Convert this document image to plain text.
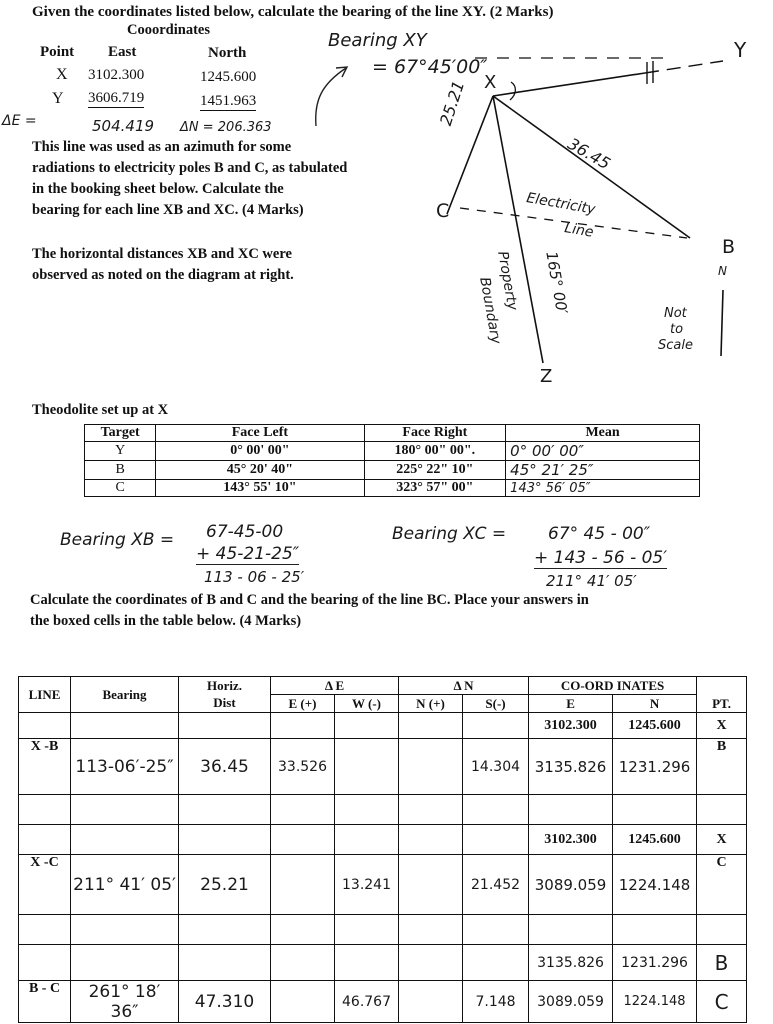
Given the coordinates listed below, calculate the bearing of the line XY. (2 Marks)
Cooordinates
Point East	North
X 3102.300	1245.600
Y 3606.719	1451.963
ΔE =	504.419 ΔN = 206.363
Bearing XY
= 67°45′00″
This line was used as an azimuth for some
radiations to electricity poles B and C, as tabulated
in the booking sheet below. Calculate the
bearing for each line XB and XC. (4 Marks)
The horizontal distances XB and XC were
observed as noted on the diagram at right.
Y
X
B
C
Z
25.21
36.45
Electricity
Line
Property
Boundary	165° 00′	N
Not
to
Scale
Theodolite set up at X
Target	Face Left	Face Right	Mean
Y	0° 00' 00"	180° 00" 00".	0° 00′ 00″
B	45° 20' 40"	225° 22" 10"	45° 21′ 25″
C	143° 55' 10"	323° 57" 00"	143° 56′ 05″
Bearing XB = 67-45-00
+ 45-21-25″
113 - 06 - 25′
Bearing XC = 67° 45 - 00″
+ 143 - 56 - 05′
211° 41′ 05′
Calculate the coordinates of B and C and the bearing of the line BC. Place your answers in
the boxed cells in the table below. (4 Marks)
LINE	Bearing	Horiz.	Δ E		Δ N		CO-ORD INATES		PT.
		Dist	E (+)	W (-)	N (+)	S(-)	E	N	
							3102.300	1245.600	X
X -B	113-06′-25″	36.45	33.526			14.304	3135.826	1231.296	B

							3102.300	1245.600	X
X -C	211° 41′ 05′	25.21		13.241		21.452	3089.059	1224.148	C

							3135.826	1231.296	B
B - C	261° 18′ 36″	47.310		46.767		7.148	3089.059	1224.148	C
